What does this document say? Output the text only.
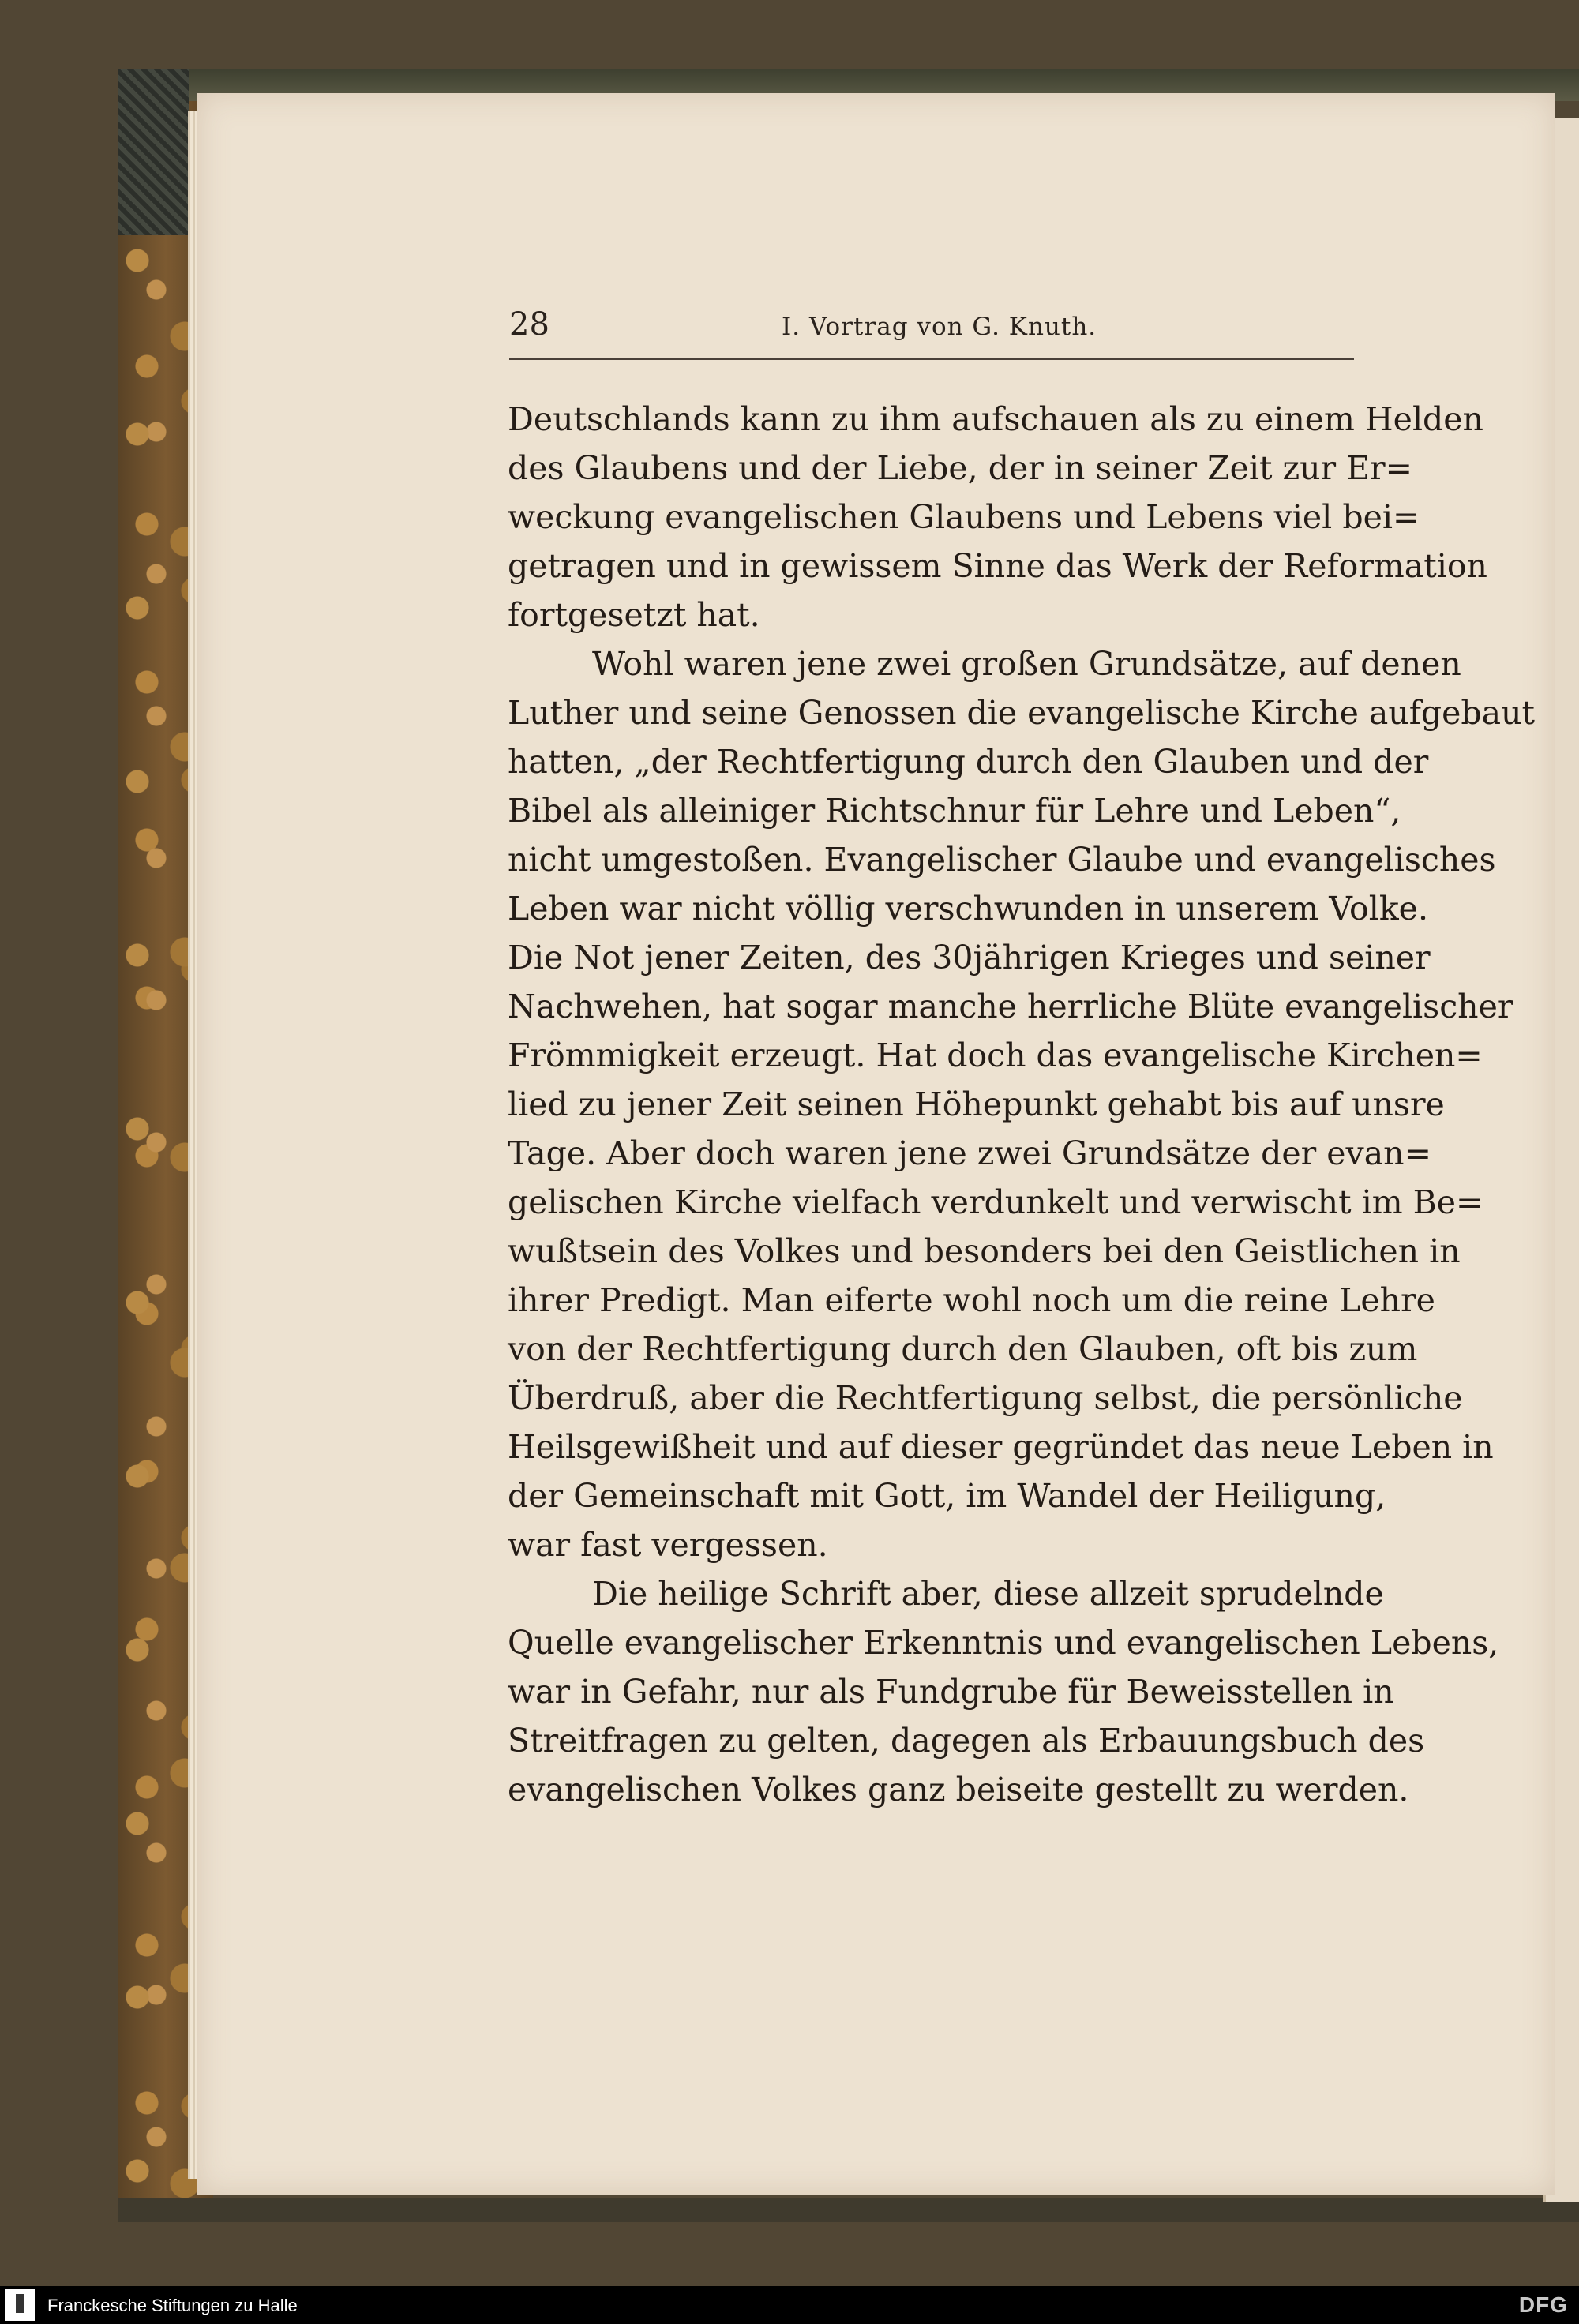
28	I. Vortrag von G. Knuth.

Deutschlands kann zu ihm aufschauen als zu einem Helden
des Glaubens und der Liebe, der in seiner Zeit zur Er=
weckung evangelischen Glaubens und Lebens viel bei=
getragen und in gewissem Sinne das Werk der Reformation
fortgesetzt hat.

Wohl waren jene zwei großen Grundsätze, auf denen
Luther und seine Genossen die evangelische Kirche aufgebaut
hatten, „der Rechtfertigung durch den Glauben und der
Bibel als alleiniger Richtschnur für Lehre und Leben“,
nicht umgestoßen. Evangelischer Glaube und evangelisches
Leben war nicht völlig verschwunden in unserem Volke.
Die Not jener Zeiten, des 30jährigen Krieges und seiner
Nachwehen, hat sogar manche herrliche Blüte evangelischer
Frömmigkeit erzeugt. Hat doch das evangelische Kirchen=
lied zu jener Zeit seinen Höhepunkt gehabt bis auf unsre
Tage. Aber doch waren jene zwei Grundsätze der evan=
gelischen Kirche vielfach verdunkelt und verwischt im Be=
wußtsein des Volkes und besonders bei den Geistlichen in
ihrer Predigt. Man eiferte wohl noch um die reine Lehre
von der Rechtfertigung durch den Glauben, oft bis zum
Überdruß, aber die Rechtfertigung selbst, die persönliche
Heilsgewißheit und auf dieser gegründet das neue Leben in
der Gemeinschaft mit Gott, im Wandel der Heiligung,
war fast vergessen.

Die heilige Schrift aber, diese allzeit sprudelnde
Quelle evangelischer Erkenntnis und evangelischen Lebens,
war in Gefahr, nur als Fundgrube für Beweisstellen in
Streitfragen zu gelten, dagegen als Erbauungsbuch des
evangelischen Volkes ganz beiseite gestellt zu werden.

Franckesche Stiftungen zu Halle	DFG
